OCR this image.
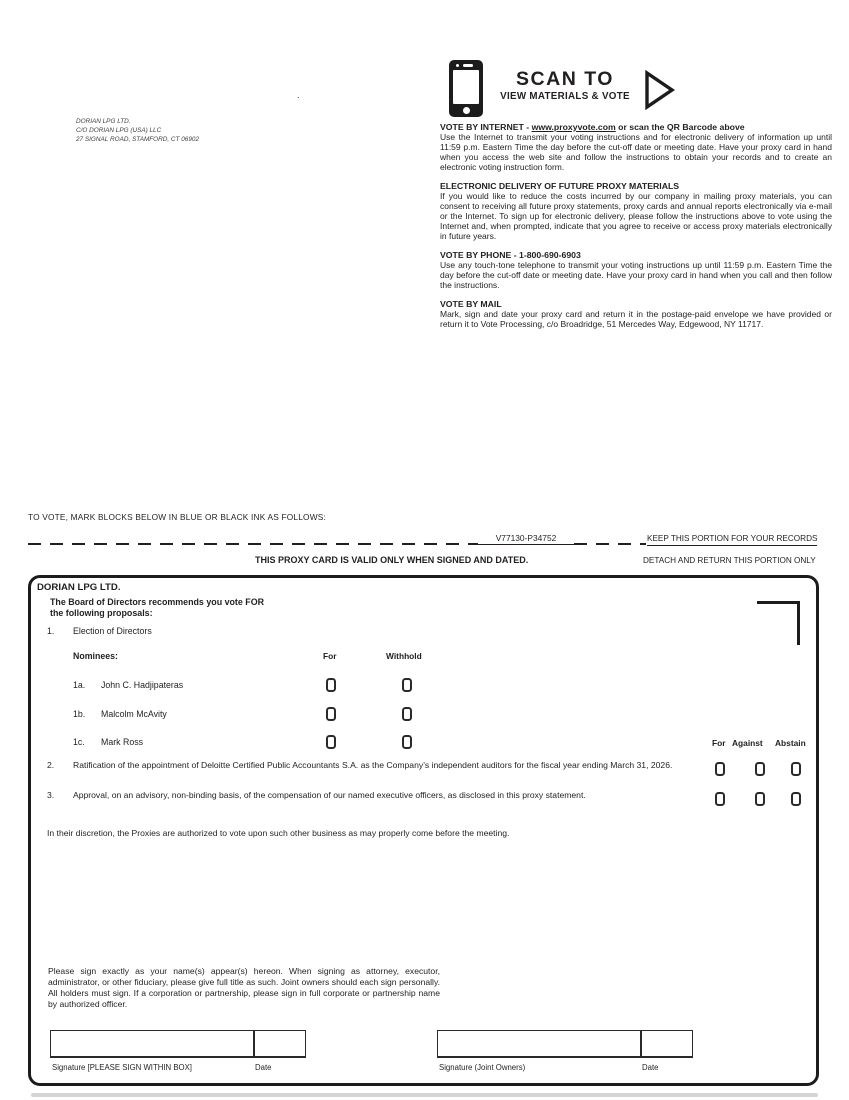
DORIAN LPG LTD.
C/O DORIAN LPG (USA) LLC
27 SIGNAL ROAD, STAMFORD, CT 06902
.
SCAN TO
VIEW MATERIALS & VOTE

VOTE BY INTERNET - www.proxyvote.com or scan the QR Barcode above

Use the Internet to transmit your voting instructions and for electronic delivery of information up until 11:59 p.m. Eastern Time the day before the cut-off date or meeting date. Have your proxy card in hand when you access the web site and follow the instructions to obtain your records and to create an electronic voting instruction form.

ELECTRONIC DELIVERY OF FUTURE PROXY MATERIALS

If you would like to reduce the costs incurred by our company in mailing proxy materials, you can consent to receiving all future proxy statements, proxy cards and annual reports electronically via e-mail or the Internet. To sign up for electronic delivery, please follow the instructions above to vote using the Internet and, when prompted, indicate that you agree to receive or access proxy materials electronically in future years.

VOTE BY PHONE - 1-800-690-6903

Use any touch-tone telephone to transmit your voting instructions up until 11:59 p.m. Eastern Time the day before the cut-off date or meeting date. Have your proxy card in hand when you call and then follow the instructions.

VOTE BY MAIL

Mark, sign and date your proxy card and return it in the postage-paid envelope we have provided or return it to Vote Processing, c/o Broadridge, 51 Mercedes Way, Edgewood, NY 11717.

TO VOTE, MARK BLOCKS BELOW IN BLUE OR BLACK INK AS FOLLOWS:
V77130-P34752	KEEP THIS PORTION FOR YOUR RECORDS
THIS PROXY CARD IS VALID ONLY WHEN SIGNED AND DATED.	DETACH AND RETURN THIS PORTION ONLY
DORIAN LPG LTD.
The Board of Directors recommends you vote FOR
the following proposals:
1. Election of Directors
Nominees:	For	Withhold
1a. John C. Hadjipateras
1b. Malcolm McAvity
1c. Mark Ross	For Against Abstain
2. Ratification of the appointment of Deloitte Certified Public Accountants S.A. as the Company’s independent auditors for the fiscal year ending March 31, 2026.
3. Approval, on an advisory, non-binding basis, of the compensation of our named executive officers, as disclosed in this proxy statement.
In their discretion, the Proxies are authorized to vote upon such other business as may properly come before the meeting.
Please sign exactly as your name(s) appear(s) hereon. When signing as attorney, executor, administrator, or other fiduciary, please give full title as such. Joint owners should each sign personally. All holders must sign. If a corporation or partnership, please sign in full corporate or partnership name by authorized officer.
Signature [PLEASE SIGN WITHIN BOX]	Date	Signature (Joint Owners)	Date
